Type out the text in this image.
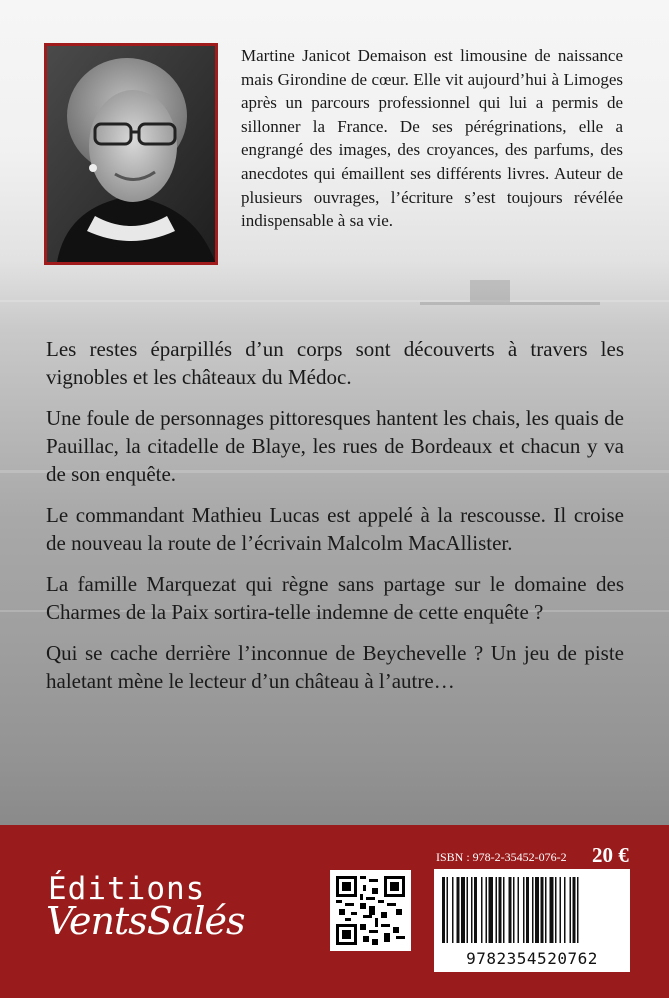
Martine Janicot Demaison est limousine de naissance mais Girondine de cœur. Elle vit aujourd’hui à Limoges après un parcours professionnel qui lui a permis de sillonner la France. De ses pérégrinations, elle a engrangé des images, des croyances, des parfums, des anecdotes qui émaillent ses différents livres. Auteur de plusieurs ouvrages, l’écriture s’est toujours révélée indispensable à sa vie.

Les restes éparpillés d’un corps sont découverts à travers les vignobles et les châteaux du Médoc.

Une foule de personnages pittoresques hantent les chais, les quais de Pauillac, la citadelle de Blaye, les rues de Bordeaux et chacun y va de son enquête.

Le commandant Mathieu Lucas est appelé à la rescousse. Il croise de nouveau la route de l’écrivain Malcolm MacAllister.

La famille Marquezat qui règne sans partage sur le domaine des Charmes de la Paix sortira-telle indemne de cette enquête ?

Qui se cache derrière l’inconnue de Beychevelle ? Un jeu de piste haletant mène le lecteur d’un château à l’autre…

Éditions
VentsSalés
ISBN : 978-2-35452-076-2 20 €
9782354520762
